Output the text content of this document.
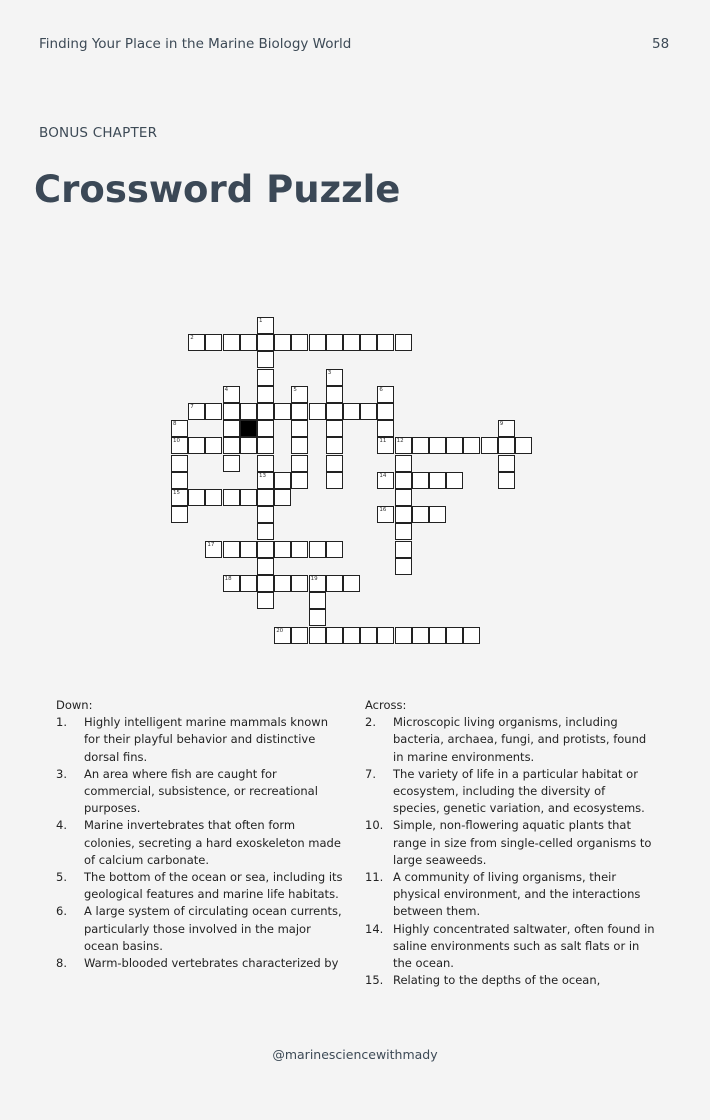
Finding Your Place in the Marine Biology World	58
BONUS CHAPTER
Crossword Puzzle
1
13
2
3
4	5	6
7
8
10
15
9
11 12
14
16
17
18	19
20
Down:
1.	Highly intelligent marine mammals known for their playful behavior and distinctive dorsal fins.
3.	An area where fish are caught for commercial, subsistence, or recreational purposes.
4.	Marine invertebrates that often form colonies, secreting a hard exoskeleton made of calcium carbonate.
5.	The bottom of the ocean or sea, including its geological features and marine life habitats.
6.	A large system of circulating ocean currents, particularly those involved in the major ocean basins.
8.	Warm-blooded vertebrates characterized by
Across:
2.	Microscopic living organisms, including bacteria, archaea, fungi, and protists, found in marine environments.
7.	The variety of life in a particular habitat or ecosystem, including the diversity of species, genetic variation, and ecosystems.
10. Simple, non-flowering aquatic plants that range in size from single-celled organisms to large seaweeds.
11. A community of living organisms, their physical environment, and the interactions between them.
14. Highly concentrated saltwater, often found in saline environments such as salt flats or in the ocean.
15. Relating to the depths of the ocean,
@marinesciencewithmady
